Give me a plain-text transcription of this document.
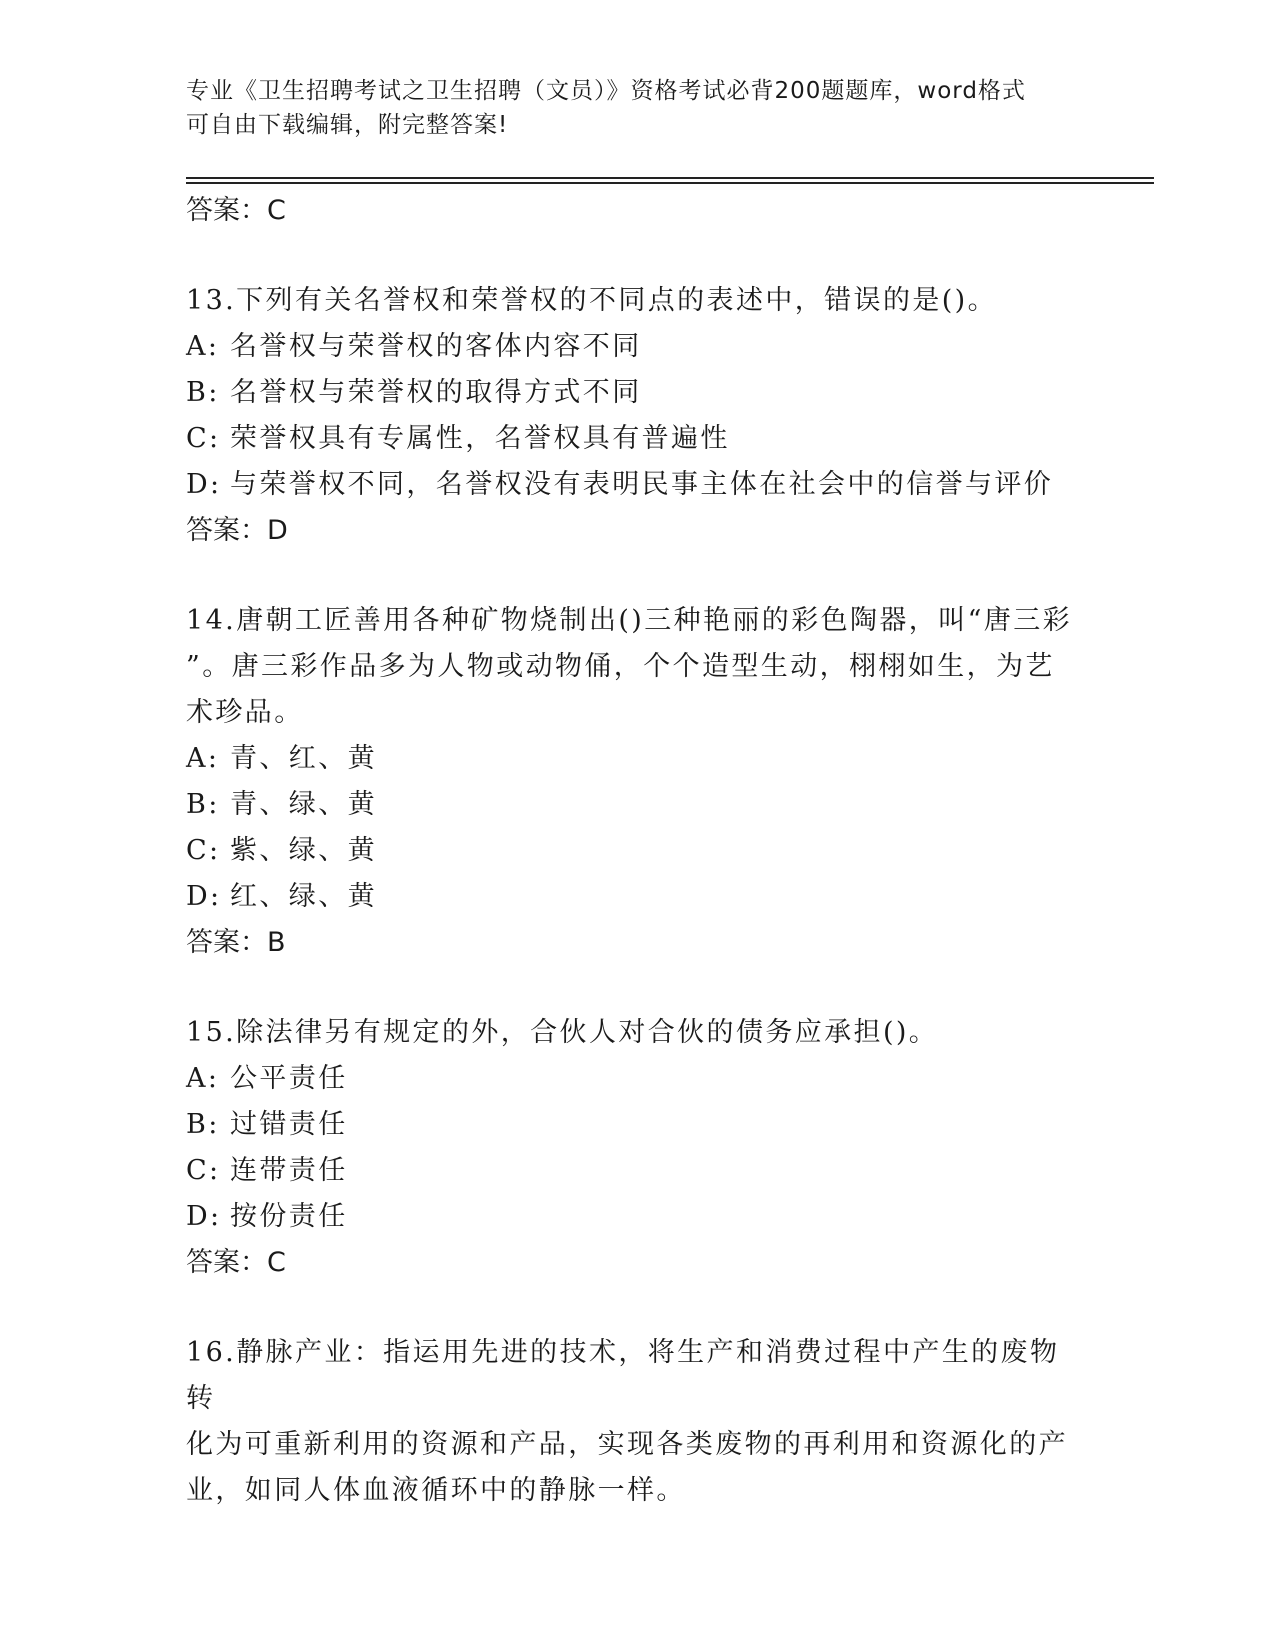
专业《卫生招聘考试之卫生招聘（文员）》资格考试必背200题题库，word格式
可自由下载编辑，附完整答案!
答案：C
13.下列有关名誉权和荣誉权的不同点的表述中，错误的是()。
A: 名誉权与荣誉权的客体内容不同
B: 名誉权与荣誉权的取得方式不同
C: 荣誉权具有专属性，名誉权具有普遍性
D: 与荣誉权不同，名誉权没有表明民事主体在社会中的信誉与评价
答案：D
14.唐朝工匠善用各种矿物烧制出()三种艳丽的彩色陶器，叫“唐三彩
”。唐三彩作品多为人物或动物俑，个个造型生动，栩栩如生，为艺
术珍品。
A: 青、红、黄
B: 青、绿、黄
C: 紫、绿、黄
D: 红、绿、黄
答案：B
15.除法律另有规定的外，合伙人对合伙的债务应承担()。
A: 公平责任
B: 过错责任
C: 连带责任
D: 按份责任
答案：C
16.静脉产业：指运用先进的技术，将生产和消费过程中产生的废物转
化为可重新利用的资源和产品，实现各类废物的再利用和资源化的产
业，如同人体血液循环中的静脉一样。
